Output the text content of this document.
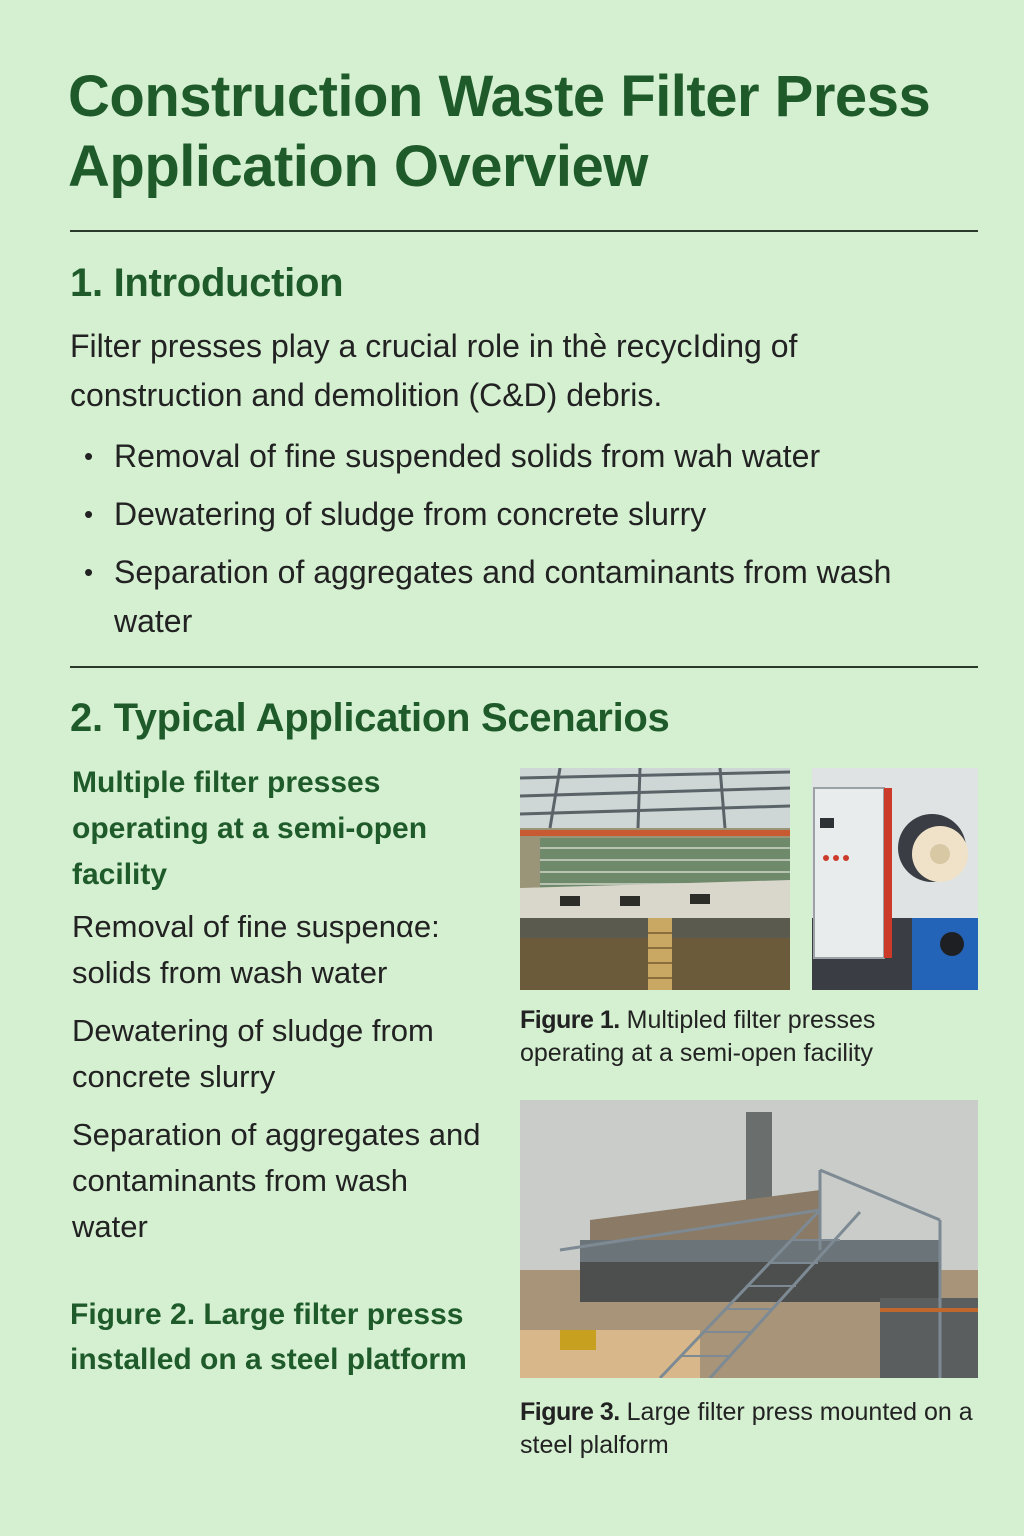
Construction Waste Filter Press Application Overview
1. Introduction

Filter presses play a crucial role in thè recycIding of construction and demolition (C&D) debris.

• Removal of fine suspended solids from wah water
• Dewatering of sludge from concrete slurry
• Separation of aggregates and contaminants from wash water
2. Typical Application Scenarios
Multiple filter presses operating at a semi-open facility
Removal of fine suspenαe: solids from wash water
Dewatering of sludge from concrete slurry
Separation of aggregates and contaminants from wash water
Figure 2. Large filter presss installed on a steel platform
Figure 1. Multipled filter presses operating at a semi-open facility
Figure 3. Large filter press mounted on a steel plalform
